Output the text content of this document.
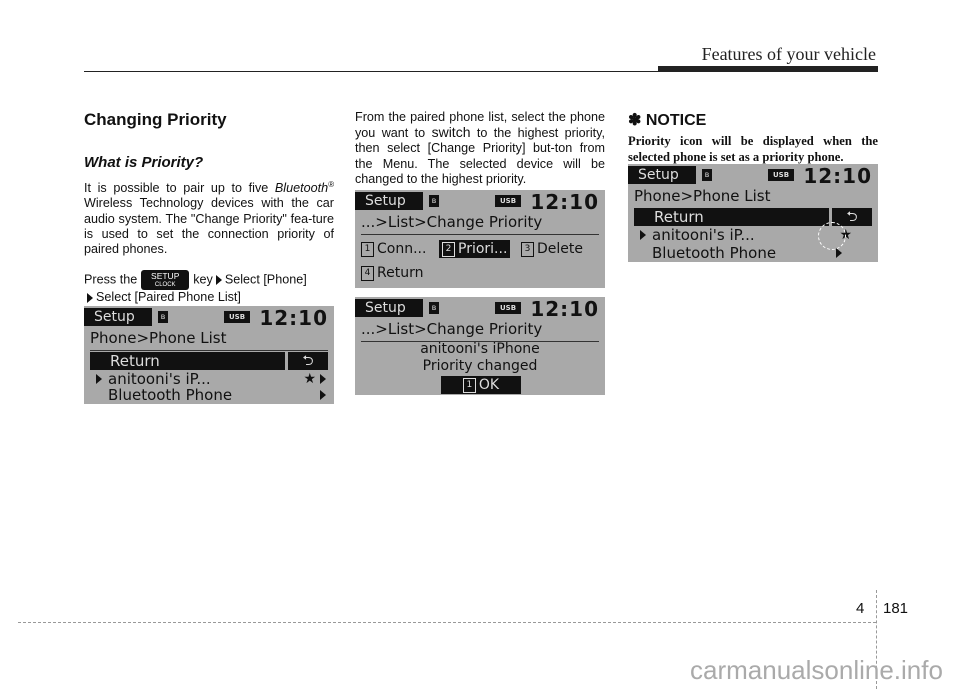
Features of your vehicle
Changing Priority
What is Priority?
It is possible to pair up to five Bluetooth® Wireless Technology devices with the car audio system. The "Change Priority" fea-ture is used to set the connection priority of paired phones.
Press the	SETUP
CLOCK	key Select [Phone]
Select [Paired Phone List]
From the paired phone list, select the phone you want to switch to the highest priority, then select [Change Priority] but-ton from the Menu. The selected device will be changed to the highest priority.
✽ NOTICE
Priority icon will be displayed when the selected phone is set as a priority phone.
Setup	ʙ	USB 12:10
Phone>Phone List
Return	⮌
anitooni's iP...	★
Bluetooth Phone
Setup	ʙ	USB 12:10
...>List>Change Priority
1 Conn...	2 Priori...	3 Delete
4 Return
Setup	ʙ	USB 12:10
...>List>Change Priority
anitooni's iPhone
Priority changed
1 OK
Setup	ʙ	USB 12:10
Phone>Phone List
Return	⮌
anitooni's iP...	★
Bluetooth Phone
4 181
carmanualsonline.info
